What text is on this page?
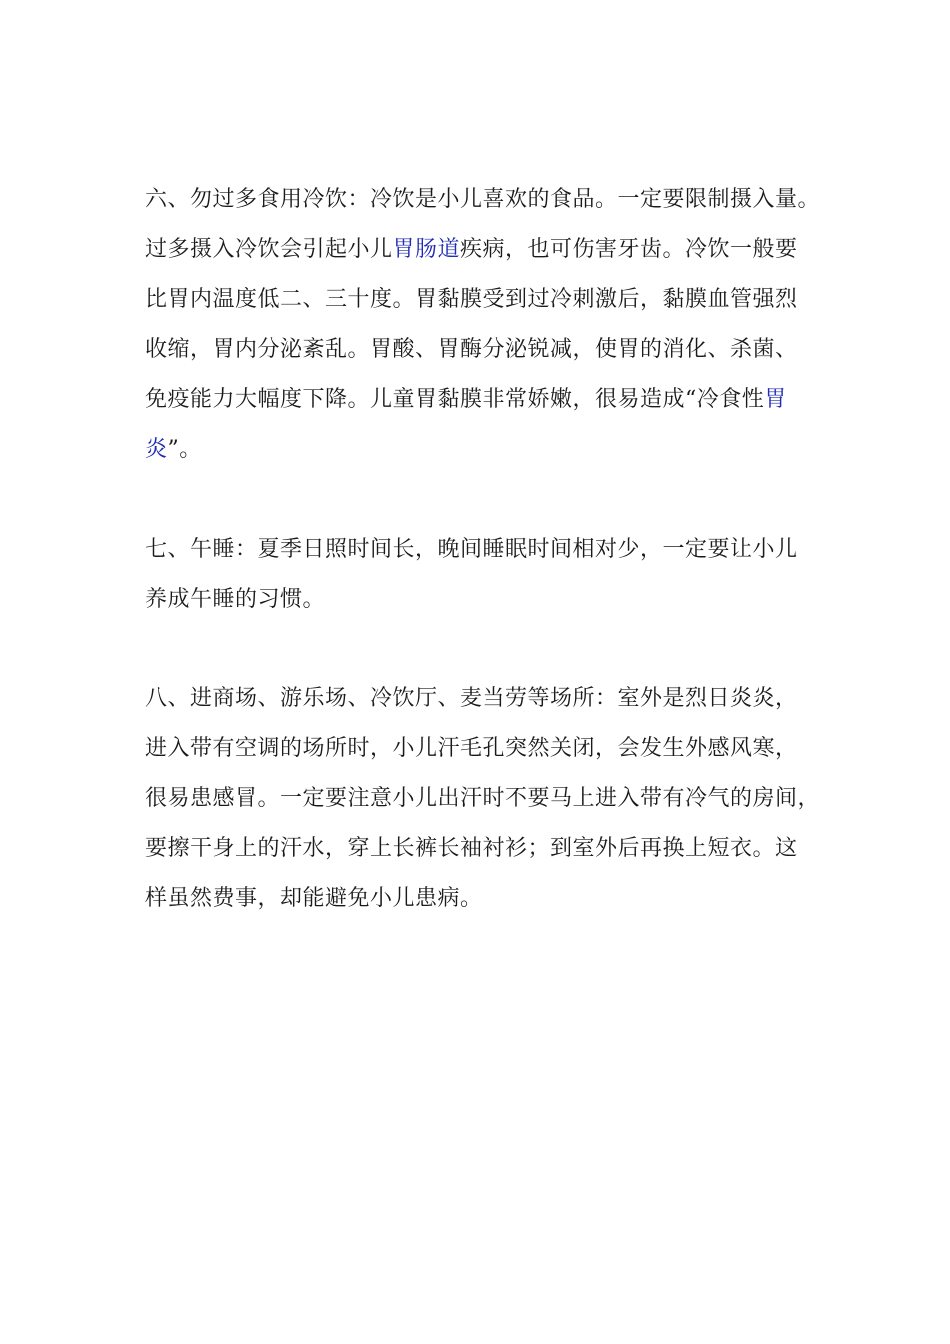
六、勿过多食用冷饮：冷饮是小儿喜欢的食品。一定要限制摄入量。
过多摄入冷饮会引起小儿胃肠道疾病，也可伤害牙齿。冷饮一般要
比胃内温度低二、三十度。胃黏膜受到过冷刺激后，黏膜血管强烈
收缩，胃内分泌紊乱。胃酸、胃酶分泌锐减，使胃的消化、杀菌、
免疫能力大幅度下降。儿童胃黏膜非常娇嫩，很易造成“冷食性胃
炎”。

七、午睡：夏季日照时间长，晚间睡眠时间相对少，一定要让小儿
养成午睡的习惯。

八、进商场、游乐场、冷饮厅、麦当劳等场所：室外是烈日炎炎，
进入带有空调的场所时，小儿汗毛孔突然关闭，会发生外感风寒，
很易患感冒。一定要注意小儿出汗时不要马上进入带有冷气的房间，
要擦干身上的汗水，穿上长裤长袖衬衫；到室外后再换上短衣。这
样虽然费事，却能避免小儿患病。
